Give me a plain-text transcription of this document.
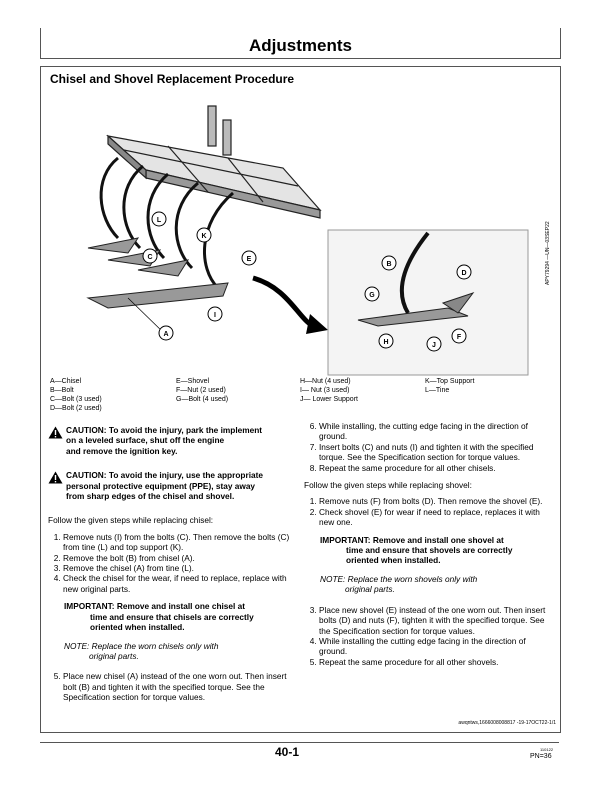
Adjustments
Chisel and Shovel Replacement Procedure
A
B
C
D
E
F
G
H
I
J
K
L
APY79294 —UN—03SEP22
A—Chisel
B—Bolt
C—Bolt (3 used)
D—Bolt (2 used)
E—Shovel
F—Nut (2 used)
G—Bolt (4 used)
H—Nut (4 used)
I— Nut (3 used)
J— Lower Support
K—Top Support
L—Tine
CAUTION: To avoid the injury, park the implement
on a leveled surface, shut off the engine
and remove the ignition key.
CAUTION: To avoid the injury, use the appropriate
personal protective equipment (PPE), stay away
from sharp edges of the chisel and shovel.

Follow the given steps while replacing chisel:

1. Remove nuts (I) from the bolts (C). Then remove the bolts (C) from tine (L) and top support (K).
2. Remove the bolt (B) from chisel (A).
3. Remove the chisel (A) from tine (L).
4. Check the chisel for the wear, if need to replace, replace with new original parts.
IMPORTANT: Remove and install one chisel at
time and ensure that chisels are correctly
oriented when installed.
NOTE: Replace the worn chisels only with
original parts.
5. Place new chisel (A) instead of the one worn out. Then insert bolt (B) and tighten it with the specified torque. See the Specification section for torque values.
6. While installing, the cutting edge facing in the direction of ground.
7. Insert bolts (C) and nuts (I) and tighten it with the specified torque. See the Specification section for torque values.
8. Repeat the same procedure for all other chisels.

Follow the given steps while replacing shovel:

1. Remove nuts (F) from bolts (D). Then remove the shovel (E).
2. Check shovel (E) for wear if need to replace, replaces it with new one.
IMPORTANT: Remove and install one shovel at
time and ensure that shovels are correctly
oriented when installed.
NOTE: Replace the worn shovels only with
original parts.
3. Place new shovel (E) instead of the one worn out. Then insert bolts (D) and nuts (F), tighten it with the specified torque. See the Specification section for torque values.
4. While installing the cutting edge facing in the direction of ground.
5. Repeat the same procedure for all other shovels.
awqntws,1666008008817 -19-17OCT22-1/1
40-1	110122
PN=36
